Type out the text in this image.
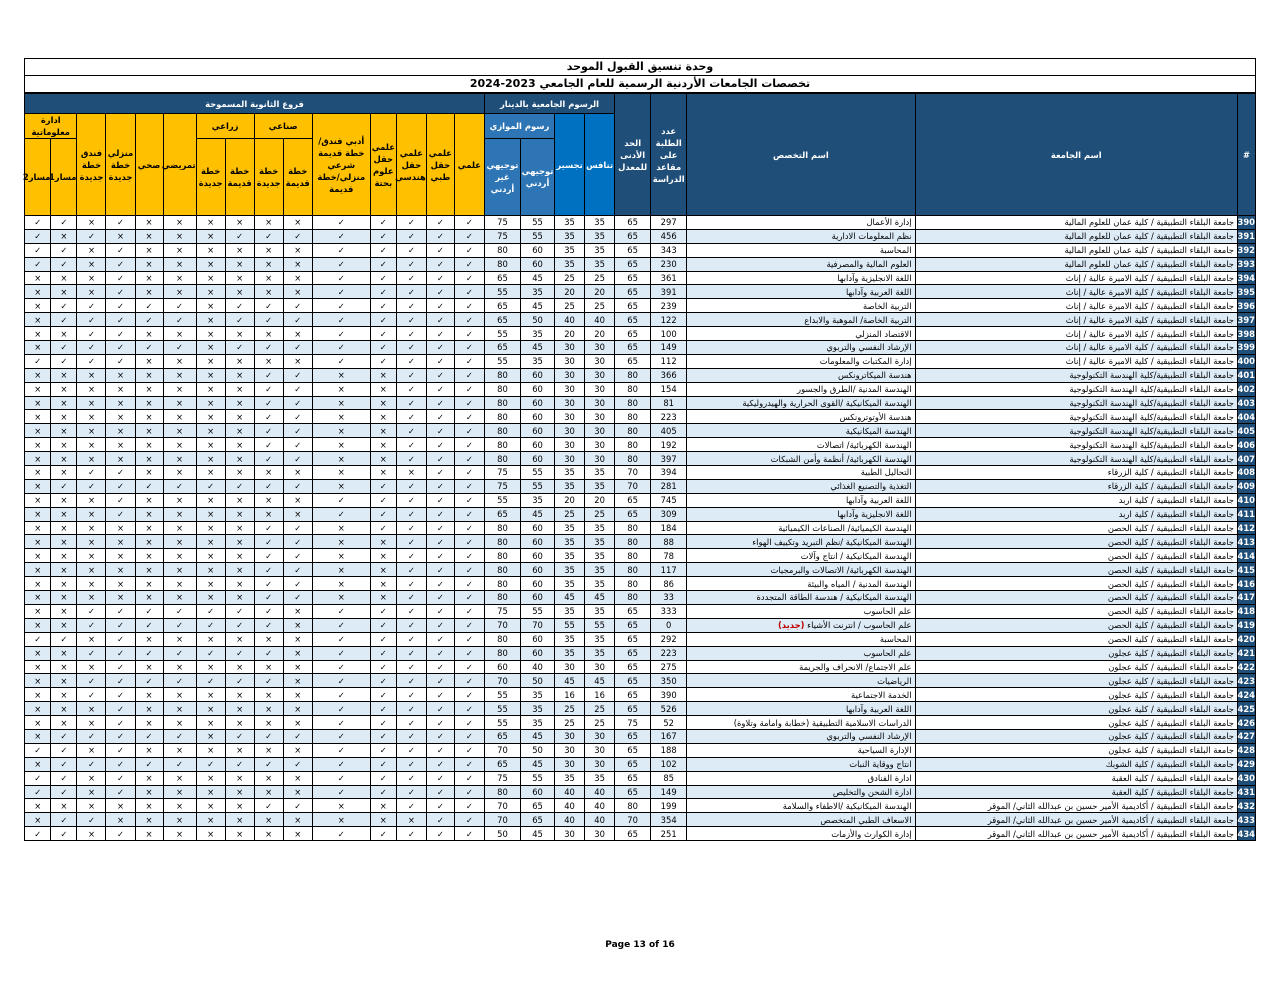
وحدة تنسيق القبول الموحد
تخصصات الجامعات الأردنية الرسمية للعام الجامعي 2023-2024
#	اسم الجامعة	اسم التخصص	عدد الطلبة على مقاعد الدراسة	الحد الأدنى للمعدل	الرسوم الجامعية بالدينار				فروع الثانوية المسموحة														
					تنافس	تجسير	رسوم الموازي		علمي	علمي حقل طبي	علمي حقل هندسي	علمي حقل علوم بحتة	أدبي فندق/خطة قديمة شرعي منزلي/خطة قديمة	صناعي		زراعي		تمريضي	صحي	منزلي خطة جديدة	فندق خطة جديدة	ادارة معلوماتية	
							توجيهي أردني	توجيهي غير أردني						خطة قديمة	خطة جديدة	خطة قديمة	خطة جديدة					مسار1	مسار2
390	جامعة البلقاء التطبيقية / كلية عمان للعلوم المالية	إدارة الأعمال	297	65	35	35	55	75	✓	✓	✓	✓	✓	×	×	×	×	×	×	✓	×	✓	✓
391	جامعة البلقاء التطبيقية / كلية عمان للعلوم المالية	نظم المعلومات الادارية	456	65	35	35	55	75	✓	✓	✓	✓	✓	✓	✓	✓	×	×	×	×	✓	×	✓
392	جامعة البلقاء التطبيقية / كلية عمان للعلوم المالية	المحاسبة	343	65	35	35	60	80	✓	✓	✓	✓	✓	×	×	×	×	×	×	✓	×	✓	✓
393	جامعة البلقاء التطبيقية / كلية عمان للعلوم المالية	العلوم المالية والمصرفية	230	65	35	35	60	80	✓	✓	✓	✓	✓	×	×	×	×	×	×	✓	×	✓	✓
394	جامعة البلقاء التطبيقية / كلية الاميرة عالية / إناث	اللغة الانجليزية وآدابها	361	65	25	25	45	65	✓	✓	✓	✓	✓	×	×	×	×	×	×	✓	×	×	×
395	جامعة البلقاء التطبيقية / كلية الاميرة عالية / إناث	اللغة العربية وآدابها	391	65	20	20	35	55	✓	✓	✓	✓	✓	×	×	×	×	×	×	✓	×	×	×
396	جامعة البلقاء التطبيقية / كلية الاميرة عالية / إناث	التربية الخاصة	239	65	25	25	45	65	✓	✓	✓	✓	✓	✓	✓	✓	×	✓	✓	✓	✓	✓	×
397	جامعة البلقاء التطبيقية / كلية الاميرة عالية / إناث	التربية الخاصة/ الموهبة والابداع	122	65	40	40	50	65	✓	✓	✓	✓	✓	✓	✓	✓	×	✓	✓	✓	✓	✓	×
398	جامعة البلقاء التطبيقية / كلية الاميرة عالية / إناث	الاقتصاد المنزلي	100	65	20	20	35	55	✓	✓	✓	✓	✓	×	×	×	×	×	×	✓	✓	×	×
399	جامعة البلقاء التطبيقية / كلية الاميرة عالية / إناث	الإرشاد النفسي والتربوي	149	65	30	30	45	65	✓	✓	✓	✓	✓	✓	✓	✓	×	✓	✓	✓	✓	✓	×
400	جامعة البلقاء التطبيقية / كلية الاميرة عالية / إناث	إدارة المكتبات والمعلومات	112	65	30	30	35	55	✓	✓	✓	✓	✓	×	×	×	×	×	×	✓	✓	✓	✓
401	جامعة البلقاء التطبيقية/كلية الهندسة التكنولوجية	هندسة الميكاترونكس	366	80	30	30	60	80	✓	✓	✓	×	×	✓	✓	×	×	×	×	×	×	×	×
402	جامعة البلقاء التطبيقية/كلية الهندسة التكنولوجية	الهندسة المدنية /الطرق والجسور	154	80	30	30	60	80	✓	✓	✓	×	×	✓	✓	×	×	×	×	×	×	×	×
403	جامعة البلقاء التطبيقية/كلية الهندسة التكنولوجية	الهندسة الميكانيكية /القوى الحرارية والهيدروليكية	81	80	30	30	60	80	✓	✓	✓	×	×	✓	✓	×	×	×	×	×	×	×	×
404	جامعة البلقاء التطبيقية/كلية الهندسة التكنولوجية	هندسة الأوتوترونكس	223	80	30	30	60	80	✓	✓	✓	×	×	✓	✓	×	×	×	×	×	×	×	×
405	جامعة البلقاء التطبيقية/كلية الهندسة التكنولوجية	الهندسة الميكانيكية	405	80	30	30	60	80	✓	✓	✓	×	×	✓	✓	×	×	×	×	×	×	×	×
406	جامعة البلقاء التطبيقية/كلية الهندسة التكنولوجية	الهندسة الكهربائية/ اتصالات	192	80	30	30	60	80	✓	✓	✓	×	×	✓	✓	×	×	×	×	×	×	×	×
407	جامعة البلقاء التطبيقية/كلية الهندسة التكنولوجية	الهندسة الكهربائية/ أنظمة وأمن الشبكات	397	80	30	30	60	80	✓	✓	✓	×	×	✓	✓	×	×	×	×	×	×	×	×
408	جامعة البلقاء التطبيقية / كلية الزرقاء	التحاليل الطبية	394	70	35	35	55	75	✓	✓	×	×	×	×	×	×	×	×	×	✓	✓	×	×
409	جامعة البلقاء التطبيقية / كلية الزرقاء	التغذية والتصنيع الغذائي	281	70	35	35	55	75	✓	✓	✓	✓	×	✓	✓	✓	✓	✓	✓	✓	✓	✓	×
410	جامعة البلقاء التطبيقية / كلية اربد	اللغة العربية وآدابها	745	65	20	20	35	55	✓	✓	✓	✓	✓	×	×	×	×	×	×	✓	×	×	×
411	جامعة البلقاء التطبيقية / كلية اربد	اللغة الانجليزية وآدابها	309	65	25	25	45	65	✓	✓	✓	✓	✓	×	×	×	×	×	×	✓	×	×	×
412	جامعة البلقاء التطبيقية / كلية الحصن	الهندسة الكيميائية/ الصناعات الكيميائية	184	80	35	35	60	80	✓	✓	✓	✓	×	✓	✓	×	×	×	×	×	×	×	×
413	جامعة البلقاء التطبيقية / كلية الحصن	الهندسة الميكانيكية /نظم التبريد وتكييف الهواء	88	80	35	35	60	80	✓	✓	✓	×	×	✓	✓	×	×	×	×	×	×	×	×
414	جامعة البلقاء التطبيقية / كلية الحصن	الهندسة الميكانيكية / انتاج وآلات	78	80	35	35	60	80	✓	✓	✓	×	×	✓	✓	×	×	×	×	×	×	×	×
415	جامعة البلقاء التطبيقية / كلية الحصن	الهندسة الكهربائية/ الاتصالات والبرمجيات	117	80	35	35	60	80	✓	✓	✓	×	×	✓	✓	×	×	×	×	×	×	×	×
416	جامعة البلقاء التطبيقية / كلية الحصن	الهندسة المدنية / المياه والبيئة	86	80	35	35	60	80	✓	✓	✓	×	×	✓	✓	×	×	×	×	×	×	×	×
417	جامعة البلقاء التطبيقية / كلية الحصن	الهندسة الميكانيكية / هندسة الطاقة المتجددة	33	80	45	45	60	80	✓	✓	✓	×	×	✓	✓	×	×	×	×	×	×	×	×
418	جامعة البلقاء التطبيقية / كلية الحصن	علم الحاسوب	333	65	35	35	55	75	✓	✓	✓	✓	✓	×	✓	✓	✓	✓	✓	✓	✓	×	×
419	جامعة البلقاء التطبيقية / كلية الحصن	علم الحاسوب / انترنت الأشياء (جديد)	0	65	55	55	70	70	✓	✓	✓	✓	✓	×	✓	✓	✓	✓	✓	✓	✓	×	×
420	جامعة البلقاء التطبيقية / كلية الحصن	المحاسبة	292	65	35	35	60	80	✓	✓	✓	✓	✓	×	×	×	×	×	×	✓	×	✓	✓
421	جامعة البلقاء التطبيقية / كلية عجلون	علم الحاسوب	223	65	35	35	60	80	✓	✓	✓	✓	✓	×	✓	✓	✓	✓	✓	✓	✓	×	×
422	جامعة البلقاء التطبيقية / كلية عجلون	علم الاجتماع/ الانحراف والجريمة	275	65	30	30	40	60	✓	✓	✓	✓	✓	×	×	×	×	×	×	✓	×	×	×
423	جامعة البلقاء التطبيقية / كلية عجلون	الرياضيات	350	65	45	45	50	70	✓	✓	✓	✓	✓	×	✓	✓	✓	✓	✓	✓	✓	×	×
424	جامعة البلقاء التطبيقية / كلية عجلون	الخدمة الاجتماعية	390	65	16	16	35	55	✓	✓	✓	✓	✓	×	×	×	×	×	×	✓	✓	×	×
425	جامعة البلقاء التطبيقية / كلية عجلون	اللغة العربية وآدابها	526	65	25	25	35	55	✓	✓	✓	✓	✓	×	×	×	×	×	×	✓	×	×	×
426	جامعة البلقاء التطبيقية / كلية عجلون	الدراسات الاسلامية التطبيقية (خطابة وامامة وتلاوة)	52	75	25	25	35	55	✓	✓	✓	✓	✓	×	×	×	×	×	×	✓	×	×	×
427	جامعة البلقاء التطبيقية / كلية عجلون	الإرشاد النفسي والتربوي	167	65	30	30	45	65	✓	✓	✓	✓	✓	✓	✓	✓	×	✓	✓	✓	✓	✓	×
428	جامعة البلقاء التطبيقية / كلية عجلون	الإدارة السياحية	188	65	30	30	50	70	✓	✓	✓	✓	✓	×	×	×	×	×	×	✓	×	✓	✓
429	جامعة البلقاء التطبيقية / كلية الشوبك	انتاج ووقاية النبات	102	65	30	30	45	65	✓	✓	✓	✓	✓	✓	✓	✓	✓	✓	✓	✓	✓	✓	×
430	جامعة البلقاء التطبيقية / كلية العقبة	ادارة الفنادق	85	65	35	35	55	75	✓	✓	✓	✓	✓	×	×	×	×	×	×	✓	×	✓	✓
431	جامعة البلقاء التطبيقية / كلية العقبة	ادارة الشحن والتخليص	149	65	40	40	60	80	✓	✓	✓	✓	✓	×	×	×	×	×	×	✓	×	✓	✓
432	جامعة البلقاء التطبيقية / أكاديمية الأمير حسين بن عبدالله الثاني/ الموقر	الهندسة الميكانيكية /الاطفاء والسلامة	199	80	40	40	65	70	✓	✓	✓	×	×	✓	✓	×	×	×	×	×	×	×	×
433	جامعة البلقاء التطبيقية / أكاديمية الأمير حسين بن عبدالله الثاني/ الموقر	الاسعاف الطبي المتخصص	354	70	40	40	65	70	✓	✓	×	×	×	×	×	×	×	×	×	×	✓	✓	×
434	جامعة البلقاء التطبيقية / أكاديمية الأمير حسين بن عبدالله الثاني/ الموقر	إدارة الكوارث والأزمات	251	65	30	30	45	50	✓	✓	✓	✓	✓	×	×	×	×	×	×	✓	×	✓	✓
Page 13 of 16
